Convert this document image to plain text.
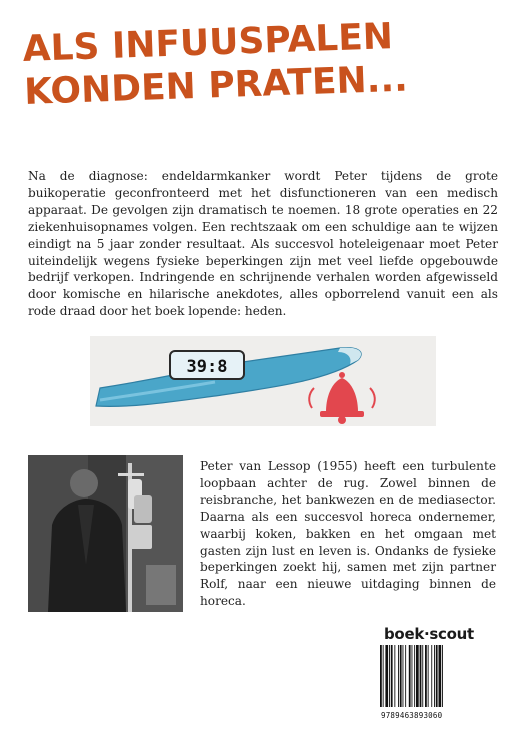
ALS INFUUSPALEN
KONDEN PRATEN...
Na de diagnose: endeldarmkanker wordt Peter tijdens de grote buikoperatie geconfronteerd met het disfunctioneren van een medisch apparaat. De gevolgen zijn dramatisch te noemen. 18 grote operaties en 22 ziekenhuisopnames volgen. Een rechtszaak om een schuldige aan te wijzen eindigt na 5 jaar zonder resultaat. Als succesvol hoteleigenaar moet Peter uiteindelijk wegens fysieke beperkingen zijn met veel liefde opgebouwde bedrijf verkopen. Indringende en schrijnende verhalen worden afgewisseld door komische en hilarische anekdotes, alles opborrelend vanuit een als rode draad door het boek lopende: heden.
39:8
Peter van Lessop (1955) heeft een turbulente loopbaan achter de rug. Zowel binnen de reisbranche, het bankwezen en de mediasector. Daarna als een succesvol horeca ondernemer, waarbij koken, bakken en het omgaan met gasten zijn lust en leven is. Ondanks de fysieke beperkingen zoekt hij, samen met zijn partner Rolf, naar een nieuwe uitdaging binnen de horeca.
boek·scout
9789463893060
